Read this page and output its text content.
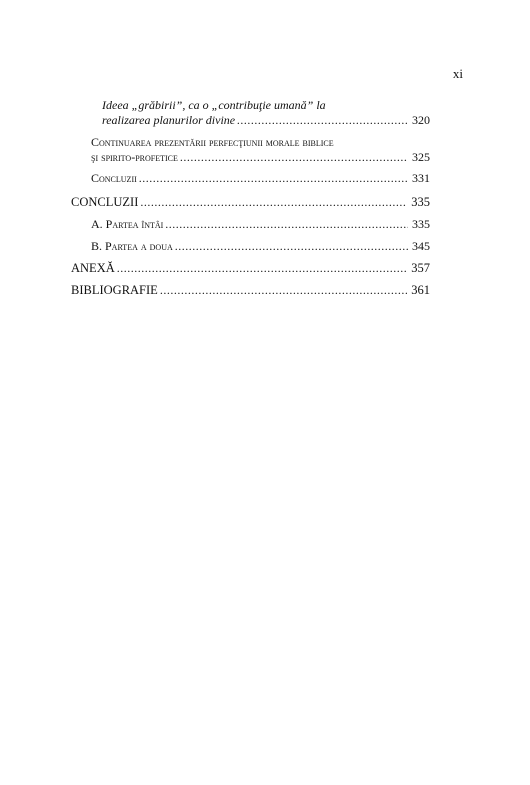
xi
Ideea „grăbirii”, ca o „contribuţie umană” la
realizarea planurilor divine .....	320
Continuarea prezentării perfecţiunii morale biblice
şi spirito-profetice .....	325
Concluzii .....	331
CONCLUZII .....	335
A. Partea întâi .....	335
B. Partea a doua .....	345
ANEXĂ .....	357
BIBLIOGRAFIE .....	361
